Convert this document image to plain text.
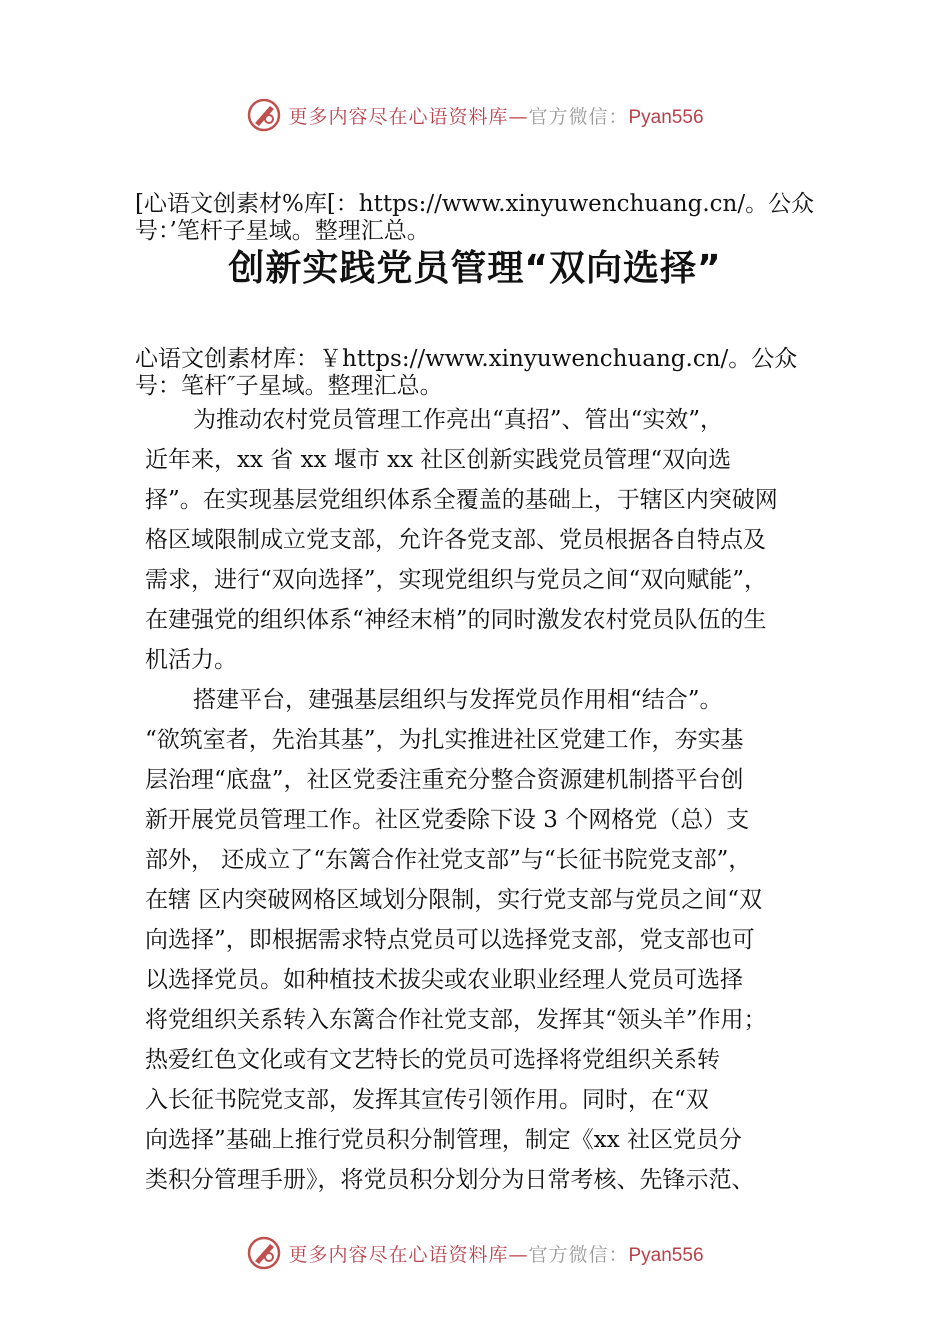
更多内容尽在心语资料库—官方微信：Pyan556
[心语文创素材%库[：https://www.xinyuwenchuang.cn/。公众
号：’笔杆子星域。整理汇总。
创新实践党员管理“双向选择”
心语文创素材库：￥https://www.xinyuwenchuang.cn/。公众
号：笔杆″子星域。整理汇总。
为推动农村党员管理工作亮出“真招”、管出“实效”，
近年来，xx 省 xx 堰市 xx 社区创新实践党员管理“双向选
择”。在实现基层党组织体系全覆盖的基础上，于辖区内突破网
格区域限制成立党支部，允许各党支部、党员根据各自特点及
需求，进行“双向选择”，实现党组织与党员之间“双向赋能”，
在建强党的组织体系“神经末梢”的同时激发农村党员队伍的生
机活力。
搭建平台，建强基层组织与发挥党员作用相“结合”。
“欲筑室者，先治其基”，为扎实推进社区党建工作，夯实基
层治理“底盘”，社区党委注重充分整合资源建机制搭平台创
新开展党员管理工作。社区党委除下设 3 个网格党（总）支
部外， 还成立了“东篱合作社党支部”与“长征书院党支部”，
在辖 区内突破网格区域划分限制，实行党支部与党员之间“双
向选择”，即根据需求特点党员可以选择党支部，党支部也可
以选择党员。如种植技术拔尖或农业职业经理人党员可选择
将党组织关系转入东篱合作社党支部，发挥其“领头羊”作用；
热爱红色文化或有文艺特长的党员可选择将党组织关系转
入长征书院党支部，发挥其宣传引领作用。同时，在“双
向选择”基础上推行党员积分制管理，制定《xx 社区党员分
类积分管理手册》，将党员积分划分为日常考核、先锋示范、
更多内容尽在心语资料库—官方微信：Pyan556
